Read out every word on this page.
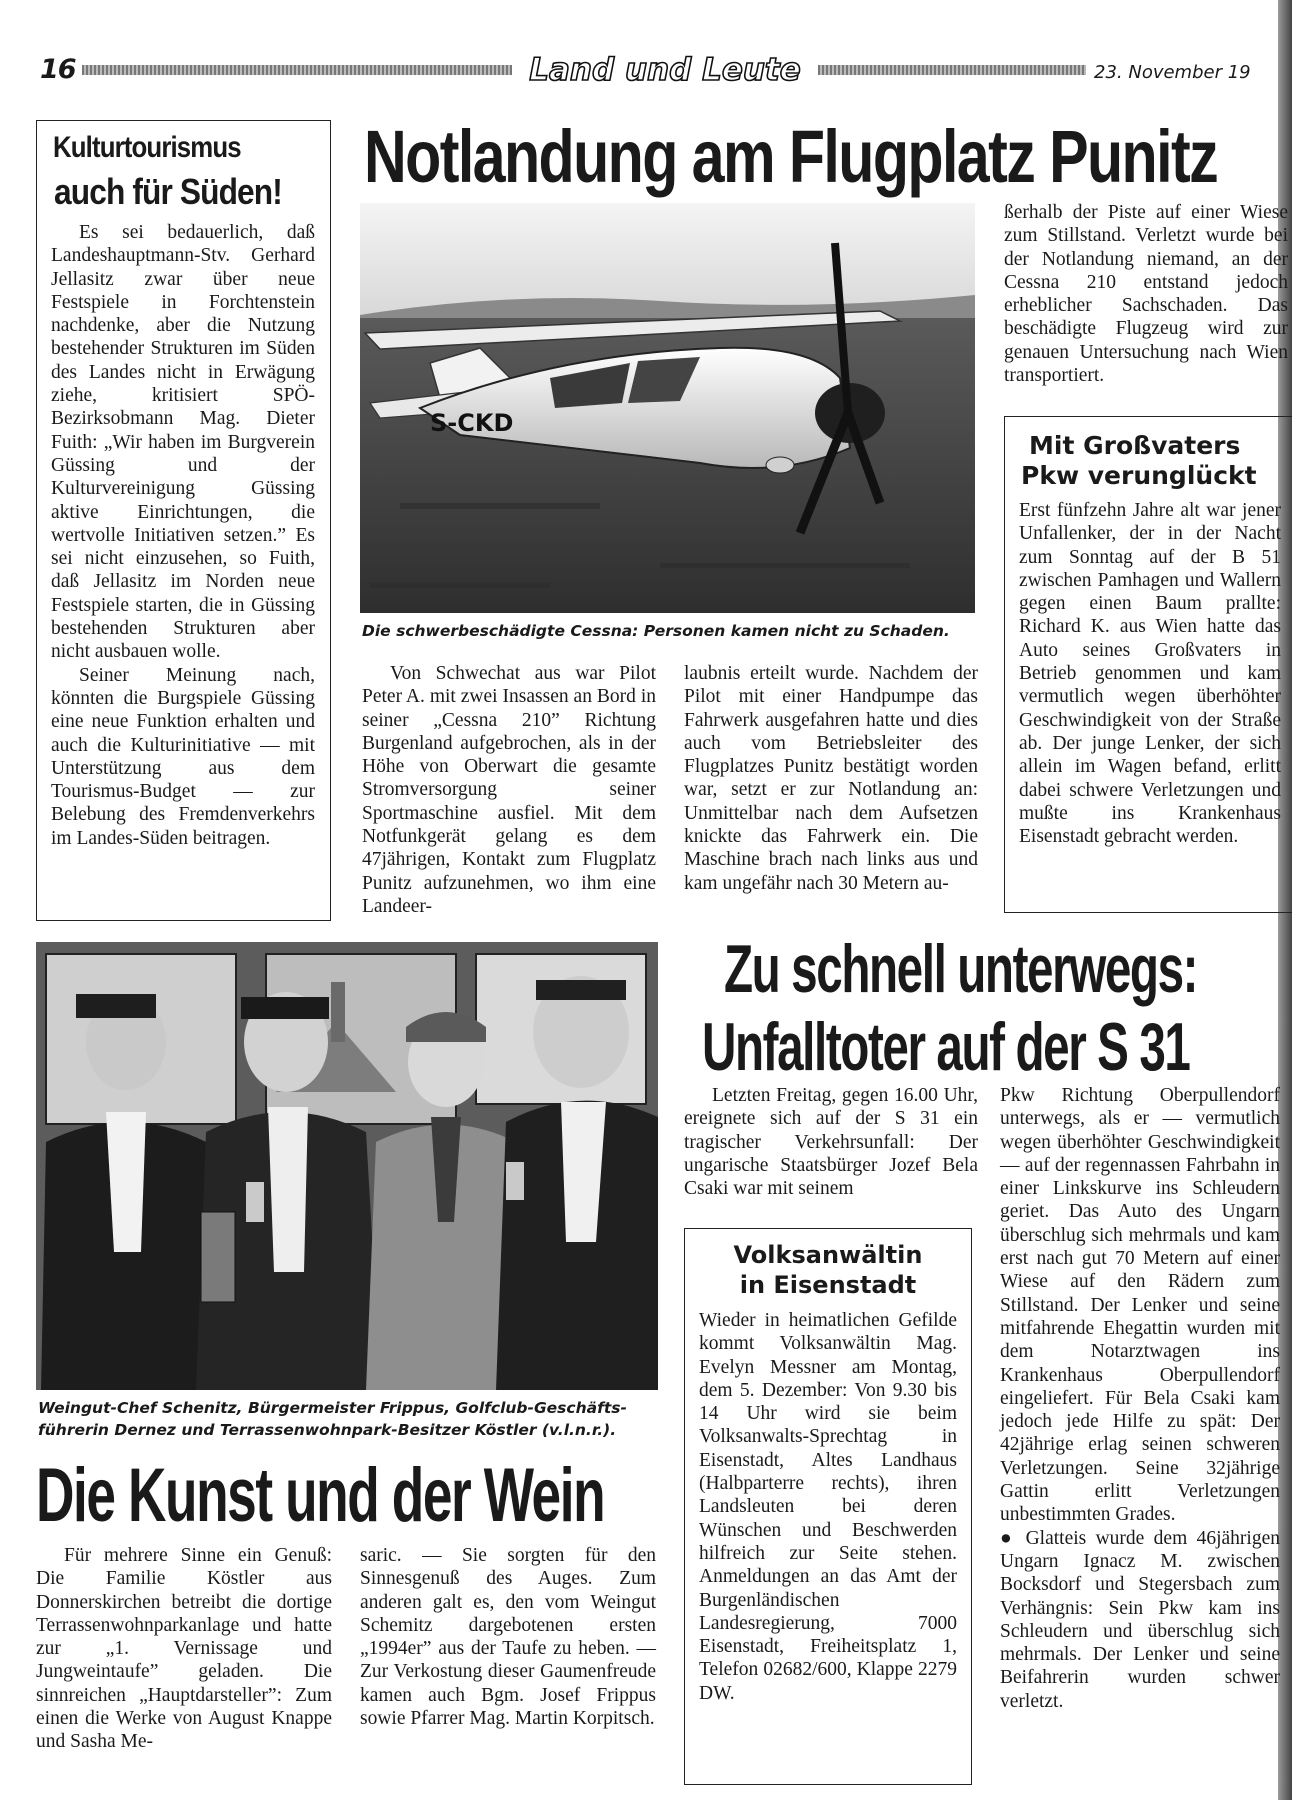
16	Land und Leute	23. November 19
Kulturtourismus
auch für Süden!

Es sei bedauerlich, daß Landeshauptmann-Stv. Gerhard Jellasitz zwar über neue Festspiele in Forchtenstein nachdenke, aber die Nutzung bestehender Strukturen im Süden des Landes nicht in Erwägung ziehe, kritisiert SPÖ-Bezirksobmann Mag. Dieter Fuith: „Wir haben im Burgverein Güssing und der Kulturvereinigung Güssing aktive Einrichtungen, die wertvolle Initiativen setzen.” Es sei nicht einzusehen, so Fuith, daß Jellasitz im Norden neue Festspiele starten, die in Güssing bestehenden Strukturen aber nicht ausbauen wolle.

Seiner Meinung nach, könnten die Burgspiele Güssing eine neue Funktion erhalten und auch die Kulturinitiative — mit Unterstützung aus dem Tourismus-Budget — zur Belebung des Fremdenverkehrs im Landes-Süden beitragen.

Notlandung am Flugplatz Punitz
S-CKD
Die schwerbeschädigte Cessna: Personen kamen nicht zu Schaden.
Von Schwechat aus war Pilot Peter A. mit zwei Insassen an Bord in seiner „Cessna 210” Richtung Burgenland aufgebrochen, als in der Höhe von Oberwart die gesamte Stromversorgung seiner Sportmaschine ausfiel. Mit dem Notfunkgerät gelang es dem 47jährigen, Kontakt zum Flugplatz Punitz aufzunehmen, wo ihm eine Landeer-
laubnis erteilt wurde. Nachdem der Pilot mit einer Handpumpe das Fahrwerk ausgefahren hatte und dies auch vom Betriebsleiter des Flugplatzes Punitz bestätigt worden war, setzt er zur Notlandung an: Unmittelbar nach dem Aufsetzen knickte das Fahrwerk ein. Die Maschine brach nach links aus und kam ungefähr nach 30 Metern au-
ßerhalb der Piste auf einer Wiese zum Stillstand. Verletzt wurde bei der Notlandung niemand, an der Cessna 210 entstand jedoch erheblicher Sachschaden. Das beschädigte Flugzeug wird zur genauen Untersuchung nach Wien transportiert.
Mit Großvaters
Pkw verunglückt
Erst fünfzehn Jahre alt war jener Unfallenker, der in der Nacht zum Sonntag auf der B 51 zwischen Pamhagen und Wallern gegen einen Baum prallte: Richard K. aus Wien hatte das Auto seines Großvaters in Betrieb genommen und kam vermutlich wegen überhöhter Geschwindigkeit von der Straße ab. Der junge Lenker, der sich allein im Wagen befand, erlitt dabei schwere Verletzungen und mußte ins Krankenhaus Eisenstadt gebracht werden.
Weingut-Chef Schenitz, Bürgermeister Frippus, Golfclub-Geschäfts-
führerin Dernez und Terrassenwohnpark-Besitzer Köstler (v.l.n.r.).
Die Kunst und der Wein
Für mehrere Sinne ein Genuß: Die Familie Köstler aus Donnerskirchen betreibt die dortige Terrassenwohnparkanlage und hatte zur „1. Vernissage und Jungweintaufe” geladen. Die sinnreichen „Hauptdarsteller”: Zum einen die Werke von August Knappe und Sasha Me-
saric. — Sie sorgten für den Sinnesgenuß des Auges. Zum anderen galt es, den vom Weingut Schemitz dargebotenen ersten „1994er” aus der Taufe zu heben. — Zur Verkostung dieser Gaumenfreude kamen auch Bgm. Josef Frippus sowie Pfarrer Mag. Martin Korpitsch.
Zu schnell unterwegs:
Unfalltoter auf der S 31
Letzten Freitag, gegen 16.00 Uhr, ereignete sich auf der S 31 ein tragischer Verkehrsunfall: Der ungarische Staatsbürger Jozef Bela Csaki war mit seinem

Pkw Richtung Oberpullendorf unterwegs, als er — vermutlich wegen überhöhter Geschwindigkeit — auf der regennassen Fahrbahn in einer Linkskurve ins Schleudern geriet. Das Auto des Ungarn überschlug sich mehrmals und kam erst nach gut 70 Metern auf einer Wiese auf den Rädern zum Stillstand. Der Lenker und seine mitfahrende Ehegattin wurden mit dem Notarztwagen ins Krankenhaus Oberpullendorf eingeliefert. Für Bela Csaki kam jedoch jede Hilfe zu spät: Der 42jährige erlag seinen schweren Verletzungen. Seine 32jährige Gattin erlitt Verletzungen unbestimmten Grades.

● Glatteis wurde dem 46jährigen Ungarn Ignacz M. zwischen Bocksdorf und Stegersbach zum Verhängnis: Sein Pkw kam ins Schleudern und überschlug sich mehrmals. Der Lenker und seine Beifahrerin wurden schwer verletzt.

Volksanwältin
in Eisenstadt
Wieder in heimatlichen Gefilde kommt Volksanwältin Mag. Evelyn Messner am Montag, dem 5. Dezember: Von 9.30 bis 14 Uhr wird sie beim Volksanwalts-Sprechtag in Eisenstadt, Altes Landhaus (Halbparterre rechts), ihren Landsleuten bei deren Wünschen und Beschwerden hilfreich zur Seite stehen. Anmeldungen an das Amt der Burgenländischen Landesregierung, 7000 Eisenstadt, Freiheitsplatz 1, Telefon 02682/600, Klappe 2279 DW.
